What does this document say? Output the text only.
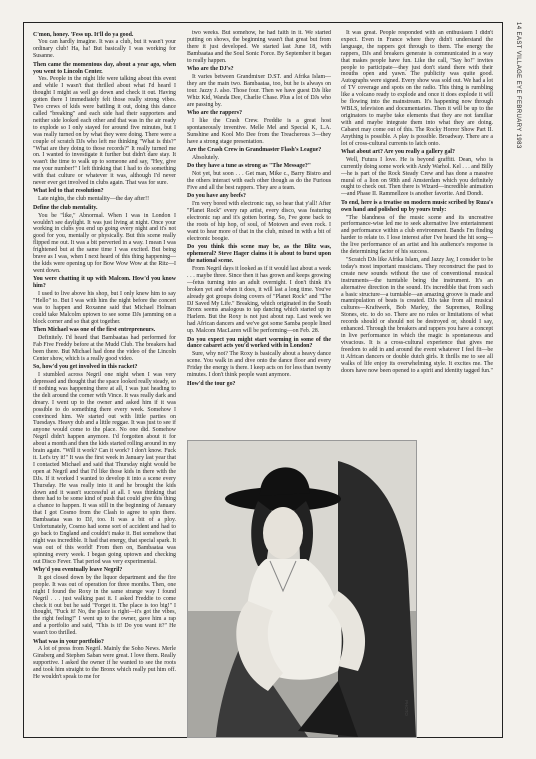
14 EAST VILLAGE EYE FEBRUARY 1983

C'mon, honey. 'Fess up. It'll do ya good.

You can hardly imagine. It was a club, but it wasn't your ordinary club! Ha, ha! But basically I was working for Susanne.

Then came the momentous day, about a year ago, when you went to Lincoln Center.

Yes. People in the night life were talking about this event and while I wasn't that thrilled about what I'd heard I thought I might as well go down and check it out. Having gotten there I immediately felt those really strong vibes. Two crews of kids were battling it out, doing this dance called "breaking" and each side had their supporters and neither side looked each other and that was in the air ready to explode so I only stayed for around five minutes, but I was really turned on by what they were doing. There were a couple of scratch DJs who left me thinking "What is this?" "What are they doing to those records?" It really turned me on. I wanted to investigate it further but didn't dare stay. It wasn't the time to walk up to someone and say, "Hey, give me your number!" I left thinking that I had to do something with that culture or whatever it was, although I'd never never ever get involved in clubs again. That was for sure.

What led to that resolution?

Late nights, the club mentality—the day after!!

Define the club mentality.

You be "like," Abnormal. When I was in London I wouldn't see daylight. It was just living at night. Once your working in clubs you end up going every night and it's not good for you, mentally or physically. But this scene really flipped me out. It was a bit perverted in a way. I mean I was frightened but at the same time I was excited. But being brave as I was, when I next heard of this thing happening—the kids were opening up for Bow Wow Wow at the Ritz—I went down.

You were chatting it up with Malcom. How'd you know him?

I used to live above his shop, but I only knew him to say "Hello" to. But I was with him the night before the concert was to happen and Roxanne said that Michael Holman could take Malcolm uptown to see some DJs jamming on a block corner and so that got together.

Then Michael was one of the first entrepreneurs.

Definitely. I'd heard that Bambaataa had performed for Fab Five Freddy before at the Mudd Club. The breakers had been there. But Michael had done the video of the Lincoln Center show, which is a really good video.

So, how'd you get involved in this racket?

I stumbled across Negril one night when I was very depressed and thought that the space looked really steady, so if nothing was happening there at all, I was just heading to the deli around the corner with Vince. It was really dark and dreary. I went up to the owner and asked him if it was possible to do something there every week. Somehow I convinced him. We started out with little parties on Tuesdays. Heavy dub and a little reggae. It was just to see if anyone would come to the place. No one did. Somehow Negril didn't happen anymore. I'd forgotten about it for about a month and then the kids started rolling around in my brain again. "Will it work? Can it work? I don't know. Fuck it. Let's try it!" It was the first week in January last year that I contacted Michael and said that Thursday night would be open at Negril and that I'd like those kids in there with the DJs. If it worked I wanted to develop it into a scene every Thursday. He was really into it and he brought the kids down and it wasn't successful at all. I was thinking that there had to be some kind of push that could give this thing a chance to happen. It was still in the beginning of January that I got Cosmo from the Clash to agree to spin there. Bambaataa was to DJ, too. It was a bit of a ploy. Unfortunately, Cosmo had some sort of accident and had to go back to England and couldn't make it. But somehow that night was incredible. It had that energy, that special spark. It was out of this world! From then on, Bambaataa was spinning every week. I began going uptown and checking out Disco Fever. That period was very experimental.

Why'd you eventually leave Negril?

It got closed down by the liquor department and the fire people. It was out of operation for three months. Then, one night I found the Roxy in the same strange way I found Negril . . . just walking past it. I asked Freddie to come check it out but he said "Forget it. The place is too big!" I thought, "Fuck it! No, the place is right—it's got the vibes, the right feeling!" I went up to the owner, gave him a rap and a portfolio and said, "This is it! Do you want it?" He wasn't too thrilled.

What was in your portfolio?

A lot of press from Negril. Mainly the Soho News. Merle Ginsberg and Stephen Saban were great. I love them. Really supportive. I asked the owner if he wanted to see the roots and took him straight to the Bronx which really put him off. He wouldn't speak to me for

two weeks. But somehow, he had faith in it. We started putting on shows, the beginning wasn't that great but from there it just developed. We started last June 18, with Bambaataa and the Soul Sonic Force. By September it began to really happen.

Who are the DJ's?

It varies between Grandmixer D.ST. and Afrika Islam—they are the main two. Bambaataa, too, but he is always on tour. Jazzy J. also. Those four. Then we have guest DJs like Whiz Kid, Wanda Dee, Charlie Chase. Plus a lot of DJs who are passing by.

Who are the rappers?

I like the Crash Crew. Freddie is a great host spontaneously inventive. Melle Mel and Special K, L.A. Sunshine and Kool Mo Dee from the Treacherous 3—they have a strong stage presentation.

Are the Crash Crew in Grandmaster Flash's League?

Absolutely.

Do they have a tune as strong as "The Message?"

Not yet, but soon . . . Get man, Mike c., Barry Bistro and the others interact with each other though as do the Furious Five and all the best rappers. They are a team.

Do you have any beefs?

I'm very bored with electronic rap, so hear that y'all! After "Planet Rock" every rap artist, every disco, was featuring electronic rap and it's gotten boring. So, I've gone back to the roots of hip hop, of soul, of Motown and even rock. I want to hear more of that in the club, mixed in with a bit of electronic boogie.

Do you think this scene may be, as the Blitz was, ephemeral? Steve Hager claims it is about to burst upon the national scene.

From Negril days it looked as if it would last about a week . . . maybe three. Since then it has grown and keeps growing—fetus turning into an adult overnight. I don't think it's broken yet and when it does, it will last a long time. You've already got groups doing covers of "Planet Rock" and "The DJ Saved My Life." Breaking, which originated in the South Bronx seems analogous to tap dancing which started up in Harlem. But the Roxy is not just about rap. Last week we had African dancers and we've got some Samba people lined up. Malcom MacLaren will be performing—on Feb. 28.

Do you expect you might start worming in some of the dance cabaret acts you'd worked with in London?

Sure, why not? The Roxy is basically about a heavy dance scene. You walk in and dive onto the dance floor and every Friday the energy is there. I keep acts on for less than twenty minutes. I don't think people want anymore.

How'd the tour go?

It was great. People responded with an enthusiasm I didn't expect. Even in France where they didn't understand the language, the rappers got through to them. The energy the rappers, DJs and breakers generate is communicated in a way that makes people have fun. Like the call, "Say ho!" invites people to participate—they just don't stand there with their mouths open and yawn. The publicity was quite good. Autographs were signed. Every show was sold out. We had a lot of TV coverage and spots on the radio. This thing is rumbling like a volcano ready to explode and once it does explode it will be flowing into the mainstream. It's happening now through WBLS, television and documentaries. Then it will be up to the originators to maybe take elements that they are not familiar with and maybe integrate them into what they are doing. Cabaret may come out of this. The Rocky Horror Show Part II. Anything is possible. A play is possible. Broadway. There are a lot of cross-cultural currents to latch onto.

What about art? Are you really a gallery gal?

Well, Futura I love. He is beyond graffiti. Dean, who is currently doing some work with Andy Warhol. Kel . . . and Billy—he is part of the Rock Steady Crew and has done a massive mural of a lion on 98th and Amsterdam which you definitely ought to check out. Then there is Wizard—incredible animation—and Phase II. Rammellzee is another favorite. And Dondi.

To end, here is a treatise on modern music scribed by Ruza's own hand and polished up by yours truly:

"The blandness of the music scene and its uncreative performance-wise led me to seek alternative live entertainment and performance within a club environment. Bands I'm finding harder to relate to. I lose interest after I've heard the hit song—the live performance of an artist and his audience's response is the determining factor of his success.

"Scratch DJs like Afrika Islam, and Jazzy Jay, I consider to be today's most important musicians. They reconstruct the past to create new sounds without the use of conventional musical instruments—the turntable being the instrument. It's an alternative direction in the sound. It's incredible that from such a basic structure—a turntable—an amazing groove is made and mannipulation of beats is created. DJs take from all musical cultures—Kraftwerk, Bob Marley, the Supremes, Rolling Stones, etc. to do so. There are no rules or limitations of what records should or should not be destroyed or, should I say, enhanced. Through the breakers and rappers you have a concept in live performance in which the magic is spontaneous and vivacious. It is a cross-cultural experience that gives me freedom to add in and around the event whatever I feel fit—be it African dancers or double dutch girls. It thrills me to see all walks of life enjoy its overwhelming style. It excites me. The doors have now been opened to a spirit and identity tagged fun."

PHOTO
